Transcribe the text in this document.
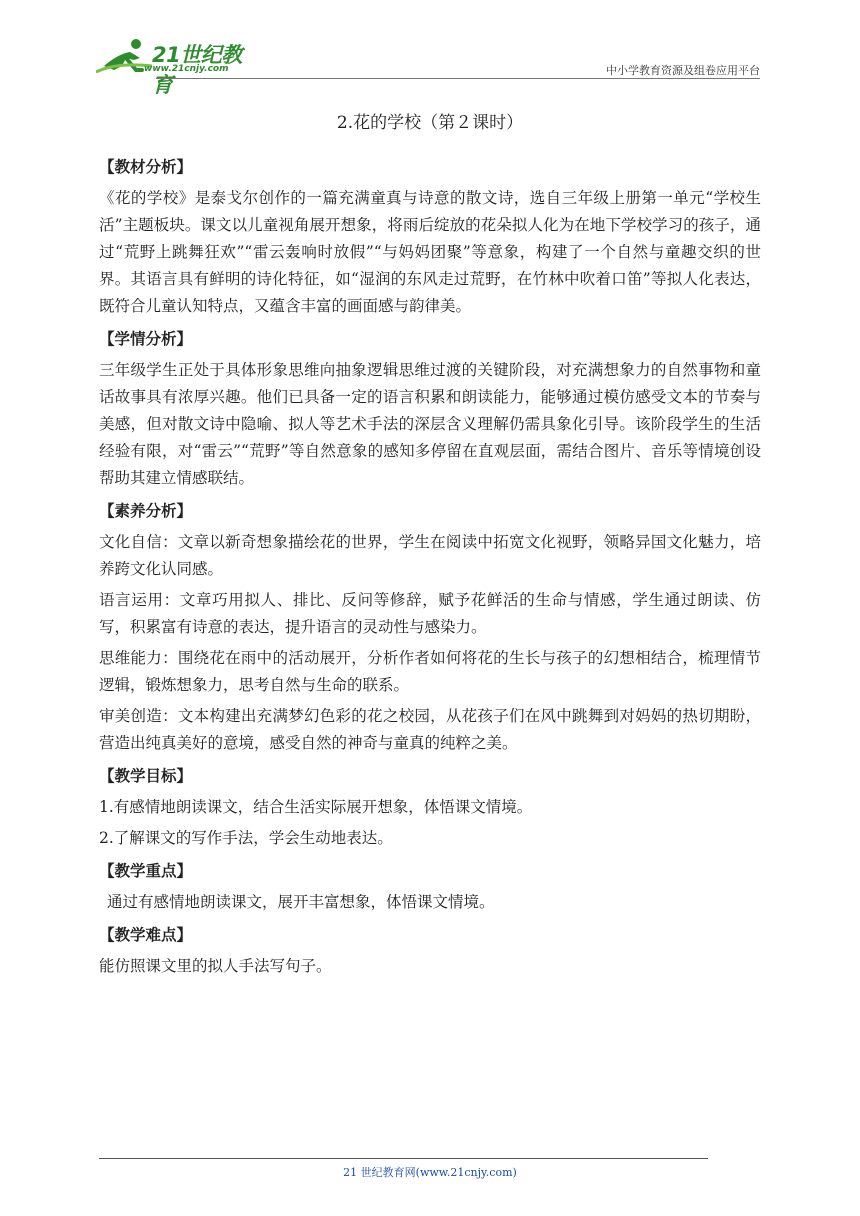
21世纪教育
www.21cnjy.com	中小学教育资源及组卷应用平台
2.花的学校（第２课时）
【教材分析】
《花的学校》是泰戈尔创作的一篇充满童真与诗意的散文诗，选自三年级上册第一单元“学校生活”主题板块。课文以儿童视角展开想象，将雨后绽放的花朵拟人化为在地下学校学习的孩子，通过“荒野上跳舞狂欢”“雷云轰响时放假”“与妈妈团聚”等意象，构建了一个自然与童趣交织的世界。其语言具有鲜明的诗化特征，如“湿润的东风走过荒野，在竹林中吹着口笛”等拟人化表达，既符合儿童认知特点，又蕴含丰富的画面感与韵律美。
【学情分析】
三年级学生正处于具体形象思维向抽象逻辑思维过渡的关键阶段，对充满想象力的自然事物和童话故事具有浓厚兴趣。他们已具备一定的语言积累和朗读能力，能够通过模仿感受文本的节奏与美感，但对散文诗中隐喻、拟人等艺术手法的深层含义理解仍需具象化引导。该阶段学生的生活经验有限，对“雷云”“荒野”等自然意象的感知多停留在直观层面，需结合图片、音乐等情境创设帮助其建立情感联结。
【素养分析】
文化自信：文章以新奇想象描绘花的世界，学生在阅读中拓宽文化视野，领略异国文化魅力，培养跨文化认同感。
语言运用：文章巧用拟人、排比、反问等修辞，赋予花鲜活的生命与情感，学生通过朗读、仿写，积累富有诗意的表达，提升语言的灵动性与感染力。
思维能力：围绕花在雨中的活动展开，分析作者如何将花的生长与孩子的幻想相结合，梳理情节逻辑，锻炼想象力，思考自然与生命的联系。
审美创造：文本构建出充满梦幻色彩的花之校园，从花孩子们在风中跳舞到对妈妈的热切期盼，营造出纯真美好的意境，感受自然的神奇与童真的纯粹之美。
【教学目标】
1.有感情地朗读课文，结合生活实际展开想象，体悟课文情境。
2.了解课文的写作手法，学会生动地表达。
【教学重点】
通过有感情地朗读课文，展开丰富想象，体悟课文情境。
【教学难点】
能仿照课文里的拟人手法写句子。
21 世纪教育网(www.21cnjy.com)
